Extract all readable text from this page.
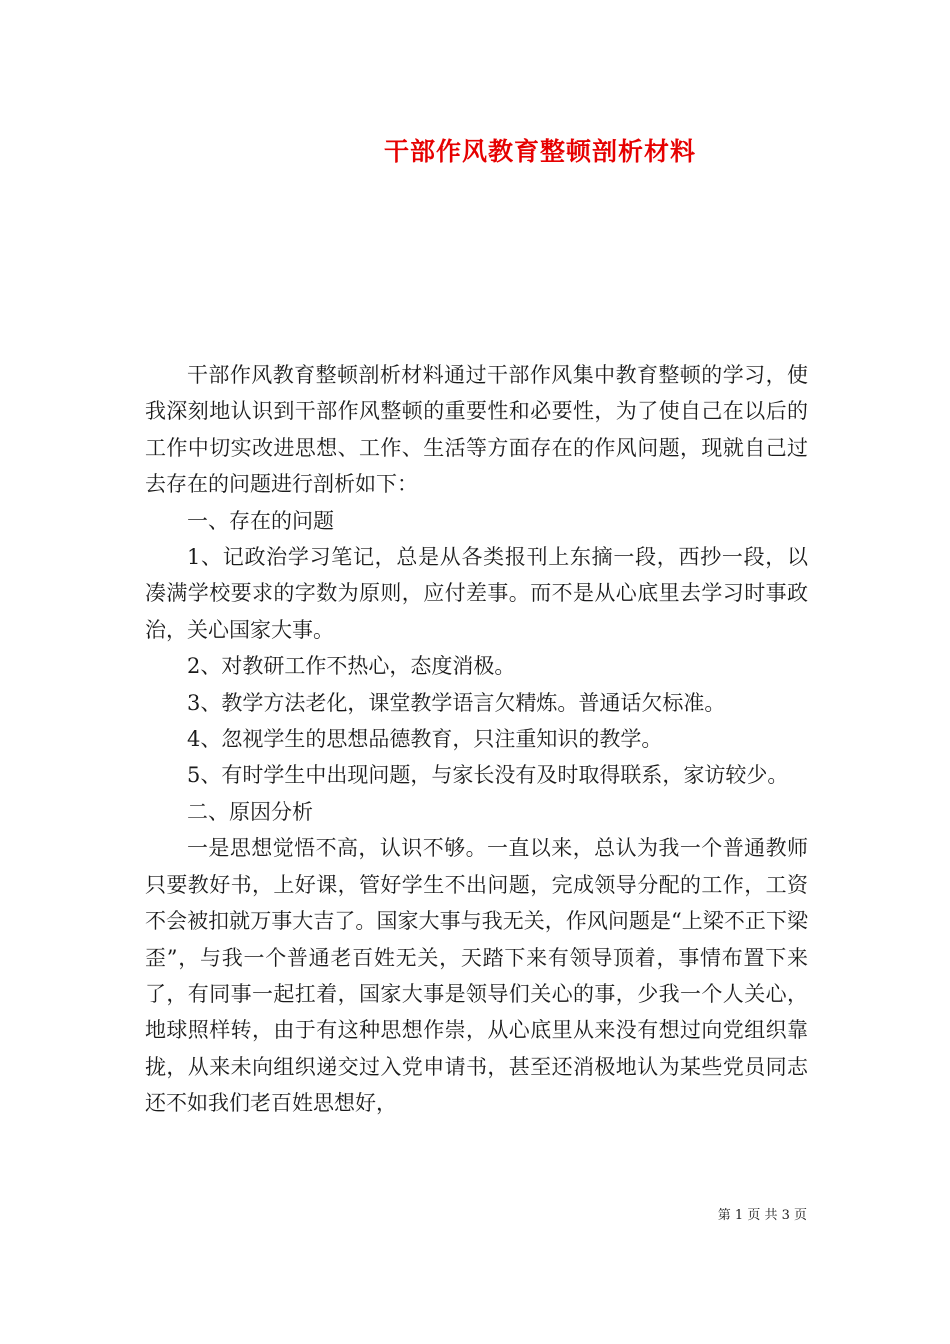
干部作风教育整顿剖析材料

干部作风教育整顿剖析材料通过干部作风集中教育整顿的学习，使我深刻地认识到干部作风整顿的重要性和必要性，为了使自己在以后的工作中切实改进思想、工作、生活等方面存在的作风问题，现就自己过去存在的问题进行剖析如下：

一、存在的问题

1、记政治学习笔记，总是从各类报刊上东摘一段，西抄一段，以凑满学校要求的字数为原则，应付差事。而不是从心底里去学习时事政治，关心国家大事。

2、对教研工作不热心，态度消极。

3、教学方法老化，课堂教学语言欠精炼。普通话欠标准。

4、忽视学生的思想品德教育，只注重知识的教学。

5、有时学生中出现问题，与家长没有及时取得联系，家访较少。

二、原因分析

一是思想觉悟不高，认识不够。一直以来，总认为我一个普通教师只要教好书，上好课，管好学生不出问题，完成领导分配的工作，工资不会被扣就万事大吉了。国家大事与我无关，作风问题是“上梁不正下梁歪”，与我一个普通老百姓无关，天踏下来有领导顶着，事情布置下来了，有同事一起扛着，国家大事是领导们关心的事，少我一个人关心，地球照样转，由于有这种思想作崇，从心底里从来没有想过向党组织靠拢，从来未向组织递交过入党申请书，甚至还消极地认为某些党员同志还不如我们老百姓思想好，

第 1 页 共 3 页
